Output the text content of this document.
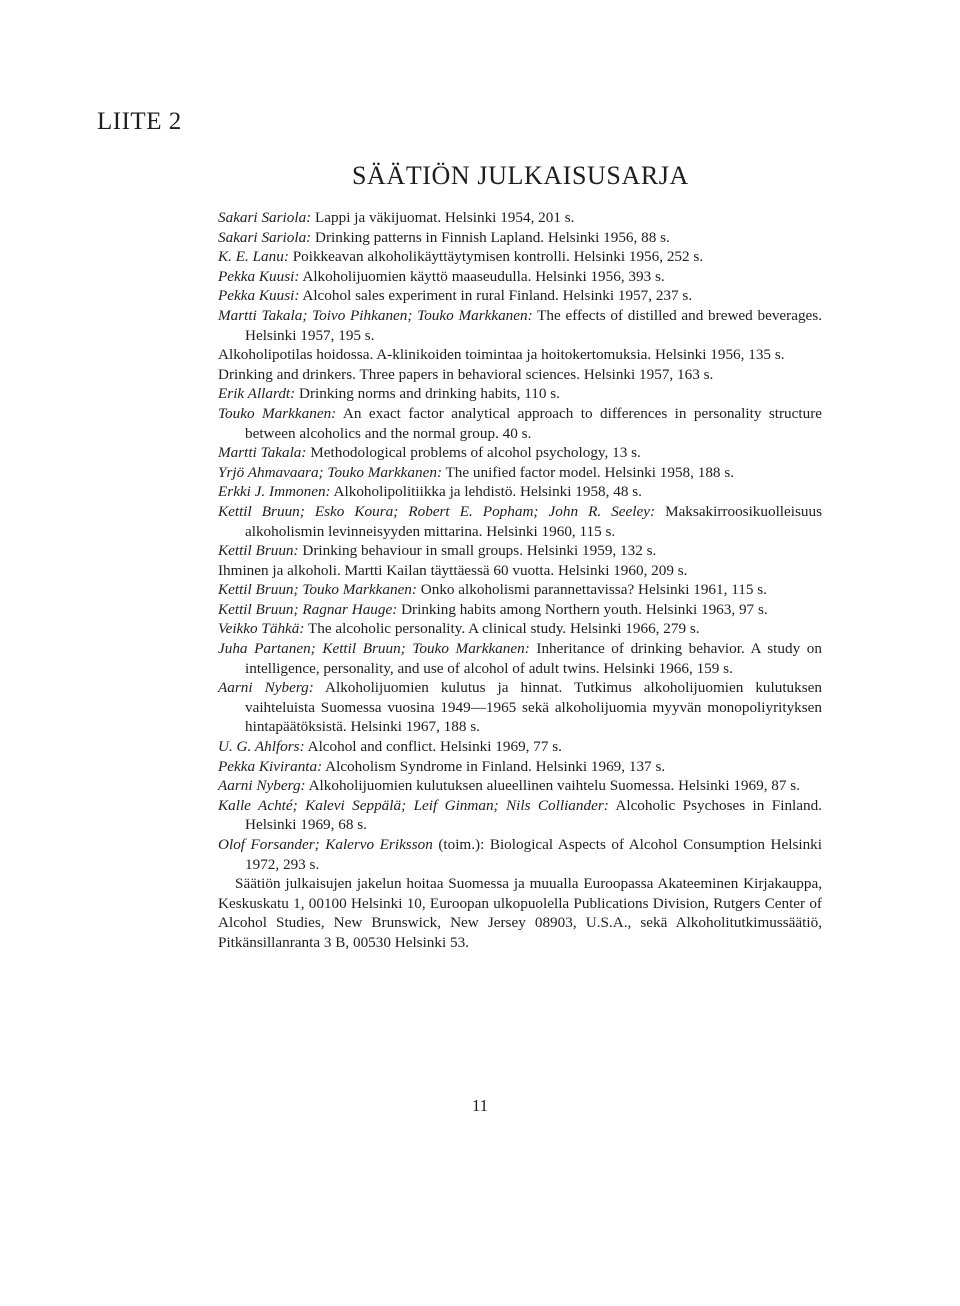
LIITE 2
SÄÄTIÖN JULKAISUSARJA
Sakari Sariola: Lappi ja väkijuomat. Helsinki 1954, 201 s.
Sakari Sariola: Drinking patterns in Finnish Lapland. Helsinki 1956, 88 s.
K. E. Lanu: Poikkeavan alkoholikäyttäytymisen kontrolli. Helsinki 1956, 252 s.
Pekka Kuusi: Alkoholijuomien käyttö maaseudulla. Helsinki 1956, 393 s.
Pekka Kuusi: Alcohol sales experiment in rural Finland. Helsinki 1957, 237 s.
Martti Takala; Toivo Pihkanen; Touko Markkanen: The effects of distilled and brewed beverages. Helsinki 1957, 195 s.
Alkoholipotilas hoidossa. A-klinikoiden toimintaa ja hoitokertomuksia. Helsinki 1956, 135 s.
Drinking and drinkers. Three papers in behavioral sciences. Helsinki 1957, 163 s.
Erik Allardt: Drinking norms and drinking habits, 110 s.
Touko Markkanen: An exact factor analytical approach to differences in personality structure between alcoholics and the normal group. 40 s.
Martti Takala: Methodological problems of alcohol psychology, 13 s.
Yrjö Ahmavaara; Touko Markkanen: The unified factor model. Helsinki 1958, 188 s.
Erkki J. Immonen: Alkoholipolitiikka ja lehdistö. Helsinki 1958, 48 s.
Kettil Bruun; Esko Koura; Robert E. Popham; John R. Seeley: Maksakirroosikuolleisuus alkoholismin levinneisyyden mittarina. Helsinki 1960, 115 s.
Kettil Bruun: Drinking behaviour in small groups. Helsinki 1959, 132 s.
Ihminen ja alkoholi. Martti Kailan täyttäessä 60 vuotta. Helsinki 1960, 209 s.
Kettil Bruun; Touko Markkanen: Onko alkoholismi parannettavissa? Helsinki 1961, 115 s.
Kettil Bruun; Ragnar Hauge: Drinking habits among Northern youth. Helsinki 1963, 97 s.
Veikko Tähkä: The alcoholic personality. A clinical study. Helsinki 1966, 279 s.
Juha Partanen; Kettil Bruun; Touko Markkanen: Inheritance of drinking behavior. A study on intelligence, personality, and use of alcohol of adult twins. Helsinki 1966, 159 s.
Aarni Nyberg: Alkoholijuomien kulutus ja hinnat. Tutkimus alkoholijuomien kulutuksen vaihteluista Suomessa vuosina 1949—1965 sekä alkoholijuomia myyvän monopoliyrityksen hintapäätöksistä. Helsinki 1967, 188 s.
U. G. Ahlfors: Alcohol and conflict. Helsinki 1969, 77 s.
Pekka Kiviranta: Alcoholism Syndrome in Finland. Helsinki 1969, 137 s.
Aarni Nyberg: Alkoholijuomien kulutuksen alueellinen vaihtelu Suomessa. Helsinki 1969, 87 s.
Kalle Achté; Kalevi Seppälä; Leif Ginman; Nils Colliander: Alcoholic Psychoses in Finland. Helsinki 1969, 68 s.
Olof Forsander; Kalervo Eriksson (toim.): Biological Aspects of Alcohol Consumption Helsinki 1972, 293 s.
Säätiön julkaisujen jakelun hoitaa Suomessa ja muualla Euroopassa Akateeminen Kirjakauppa, Keskuskatu 1, 00100 Helsinki 10, Euroopan ulkopuolella Publications Division, Rutgers Center of Alcohol Studies, New Brunswick, New Jersey 08903, U.S.A., sekä Alkoholitutkimussäätiö, Pitkänsillanranta 3 B, 00530 Helsinki 53.
11
